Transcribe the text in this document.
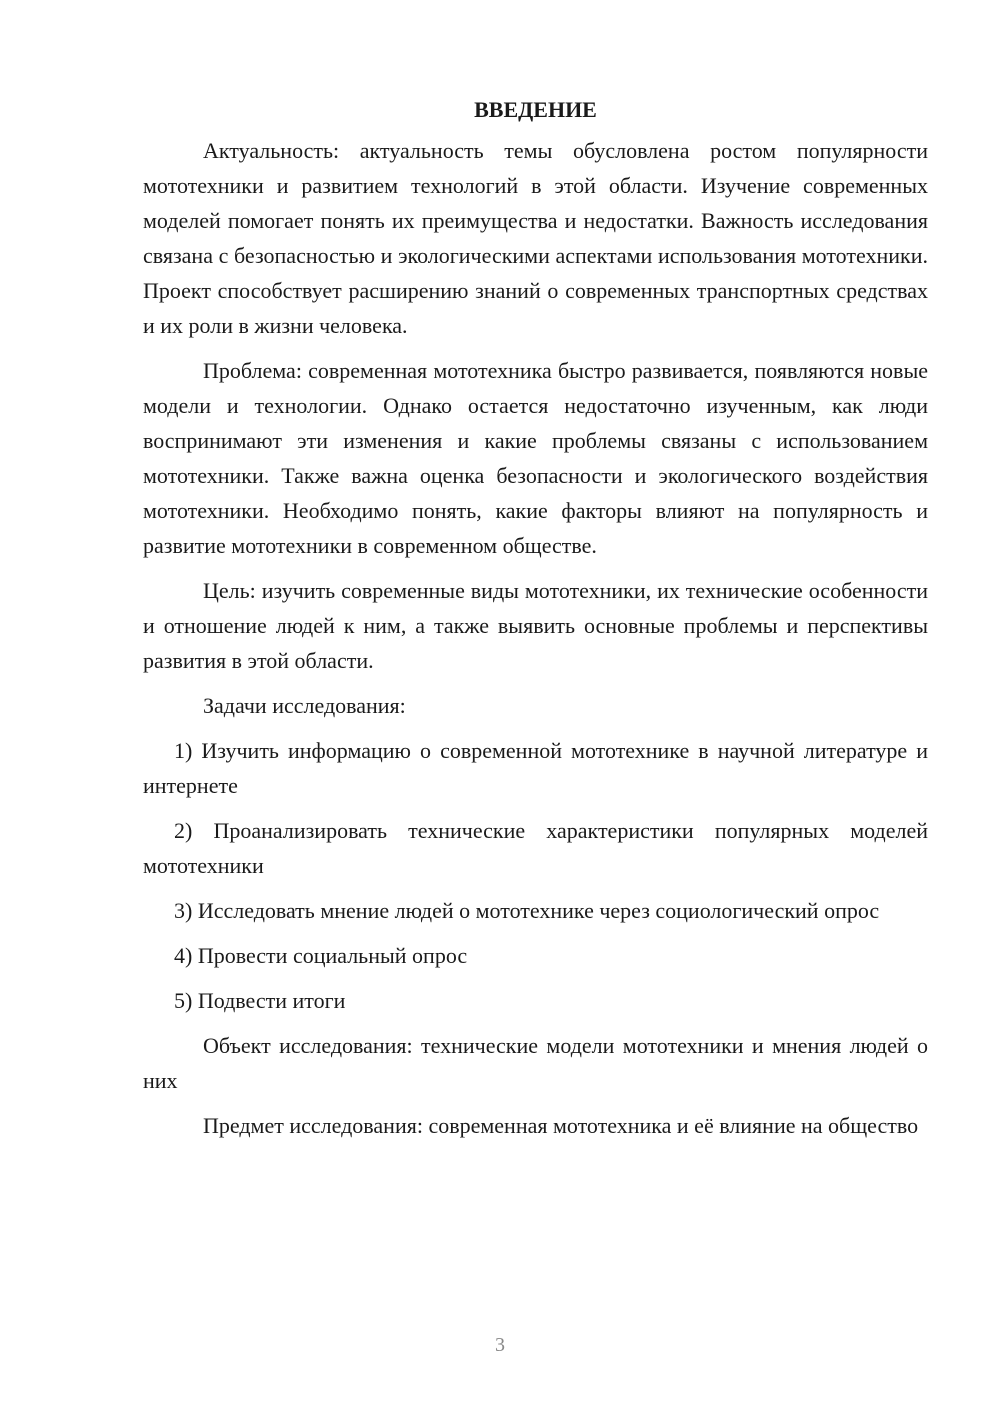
ВВЕДЕНИЕ

Актуальность: актуальность темы обусловлена ростом популярности мототехники и развитием технологий в этой области. Изучение современных моделей помогает понять их преимущества и недостатки. Важность исследования связана с безопасностью и экологическими аспектами использования мототехники. Проект способствует расширению знаний о современных транспортных средствах и их роли в жизни человека.

Проблема: современная мототехника быстро развивается, появляются новые модели и технологии. Однако остается недостаточно изученным, как люди воспринимают эти изменения и какие проблемы связаны с использованием мототехники. Также важна оценка безопасности и экологического воздействия мототехники. Необходимо понять, какие факторы влияют на популярность и развитие мототехники в современном обществе.

Цель: изучить современные виды мототехники, их технические особенности и отношение людей к ним, а также выявить основные проблемы и перспективы развития в этой области.

Задачи исследования:

1) Изучить информацию о современной мототехнике в научной литературе и интернете

2) Проанализировать технические характеристики популярных моделей мототехники

3) Исследовать мнение людей о мототехнике через социологический опрос

4) Провести социальный опрос

5) Подвести итоги

Объект исследования: технические модели мототехники и мнения людей о них

Предмет исследования: современная мототехника и её влияние на общество

3
